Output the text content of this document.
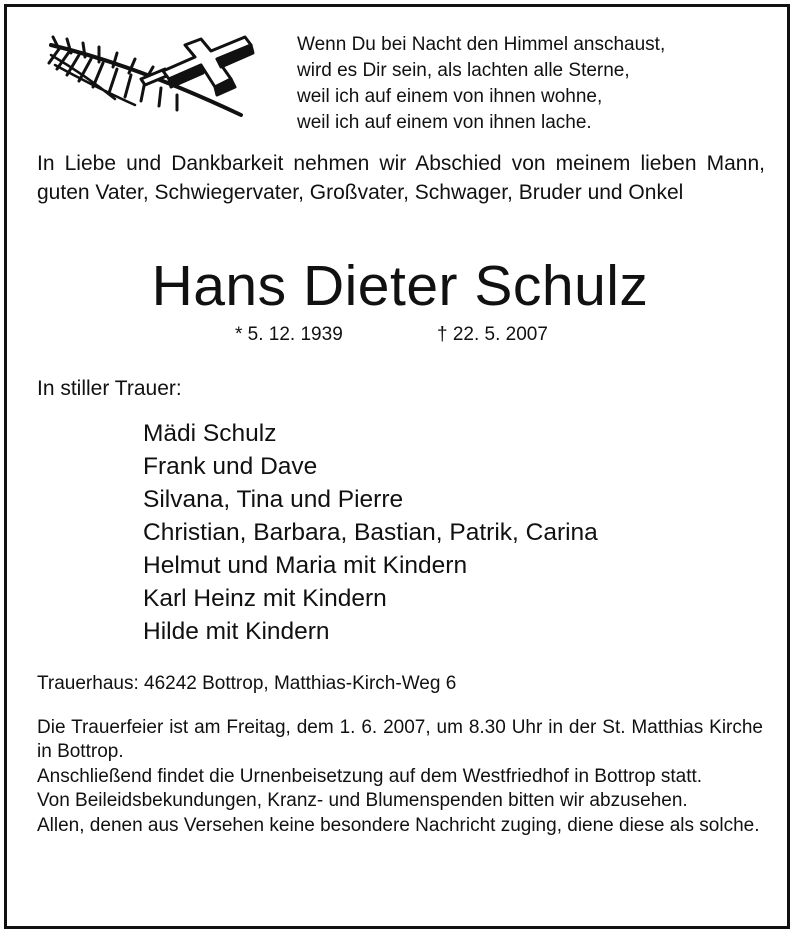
Wenn Du bei Nacht den Himmel anschaust,
wird es Dir sein, als lachten alle Sterne,
weil ich auf einem von ihnen wohne,
weil ich auf einem von ihnen lache.
In Liebe und Dankbarkeit nehmen wir Abschied von meinem lieben Mann, guten Vater, Schwiegervater, Großvater, Schwager, Bruder und Onkel
Hans Dieter Schulz
* 5. 12. 1939	† 22. 5. 2007
In stiller Trauer:
Mädi Schulz
Frank und Dave
Silvana, Tina und Pierre
Christian, Barbara, Bastian, Patrik, Carina
Helmut und Maria mit Kindern
Karl Heinz mit Kindern
Hilde mit Kindern
Trauerhaus: 46242 Bottrop, Matthias-Kirch-Weg 6
Die Trauerfeier ist am Freitag, dem 1. 6. 2007, um 8.30 Uhr in der St. Matthias Kirche in Bottrop.
Anschließend findet die Urnenbeisetzung auf dem Westfriedhof in Bottrop statt.
Von Beileidsbekundungen, Kranz- und Blumenspenden bitten wir abzusehen.
Allen, denen aus Versehen keine besondere Nachricht zuging, diene diese als solche.
